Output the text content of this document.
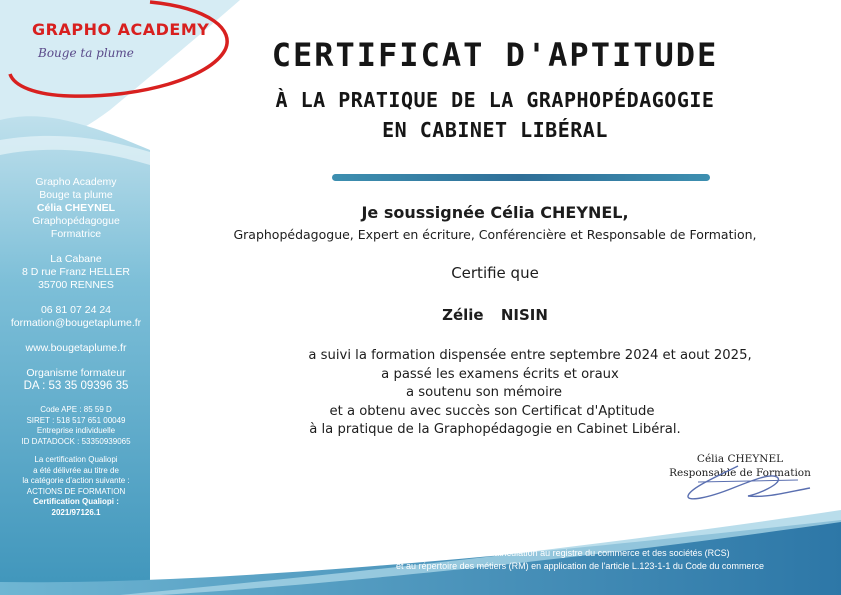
GRAPHO ACADEMY
Bouge ta plume
Grapho Academy
Bouge ta plume
Célia CHEYNEL
Graphopédagogue
Formatrice
La Cabane
8 D rue Franz HELLER
35700 RENNES
06 81 07 24 24
formation@bougetaplume.fr
www.bougetaplume.fr
Organisme formateur
DA : 53 35 09396 35
Code APE : 85 59 D
SIRET : 518 517 651 00049
Entreprise individuelle
ID DATADOCK : 53350939065
La certification Qualiopi
a été délivrée au titre de
la catégorie d'action suivante :
ACTIONS DE FORMATION
Certification Qualiopi :
2021/97126.1
CERTIFICAT D'APTITUDE
À LA PRATIQUE DE LA GRAPHOPÉDAGOGIE
EN CABINET LIBÉRAL
Je soussignée Célia CHEYNEL,
Graphopédagogue, Expert en écriture, Conférencière et Responsable de Formation,
Certifie que
Zélie NISIN
a suivi la formation dispensée entre septembre 2024 et aout 2025,
a passé les examens écrits et oraux
a soutenu son mémoire
et a obtenu avec succès son Certificat d'Aptitude
à la pratique de la Graphopédagogie en Cabinet Libéral.
Célia CHEYNEL
Responsable de Formation
Dispensé d'immatriculation au registre du commerce et des sociétés (RCS)
et au répertoire des métiers (RM) en application de l'article L.123-1-1 du Code du commerce
